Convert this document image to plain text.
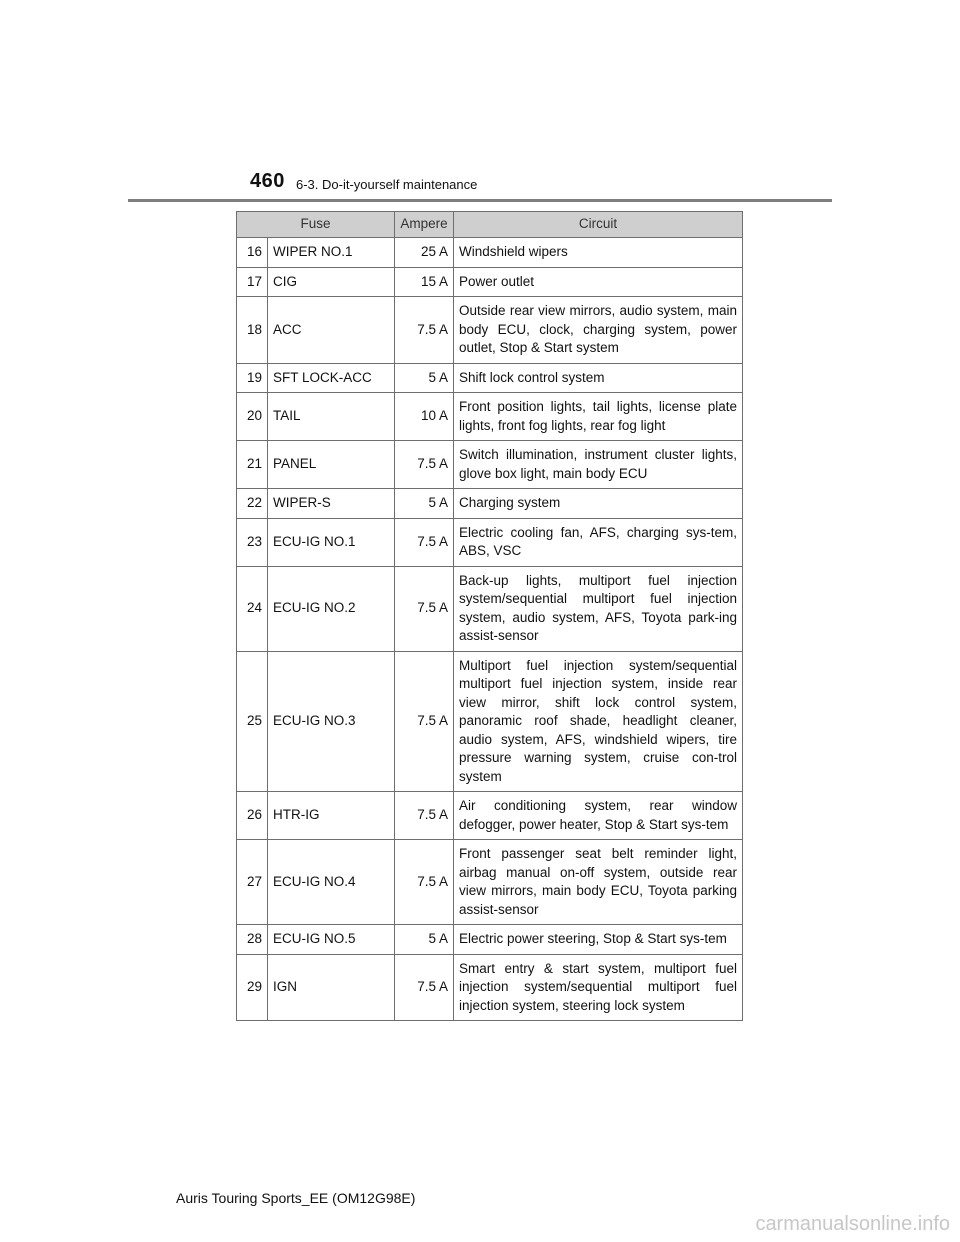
460 6-3. Do-it-yourself maintenance
Fuse		Ampere	Circuit
16	WIPER NO.1	25 A	Windshield wipers
17	CIG	15 A	Power outlet
18	ACC	7.5 A	Outside rear view mirrors, audio system, main body ECU, clock, charging system, power outlet, Stop & Start system
19	SFT LOCK-ACC	5 A	Shift lock control system
20	TAIL	10 A	Front position lights, tail lights, license plate lights, front fog lights, rear fog light
21	PANEL	7.5 A	Switch illumination, instrument cluster lights, glove box light, main body ECU
22	WIPER-S	5 A	Charging system
23	ECU-IG NO.1	7.5 A	Electric cooling fan, AFS, charging sys-tem, ABS, VSC
24	ECU-IG NO.2	7.5 A	Back-up lights, multiport fuel injection system/sequential multiport fuel injection system, audio system, AFS, Toyota park-ing assist-sensor
25	ECU-IG NO.3	7.5 A	Multiport fuel injection system/sequential multiport fuel injection system, inside rear view mirror, shift lock control system, panoramic roof shade, headlight cleaner, audio system, AFS, windshield wipers, tire pressure warning system, cruise con-trol system
26	HTR-IG	7.5 A	Air conditioning system, rear window defogger, power heater, Stop & Start sys-tem
27	ECU-IG NO.4	7.5 A	Front passenger seat belt reminder light, airbag manual on-off system, outside rear view mirrors, main body ECU, Toyota parking assist-sensor
28	ECU-IG NO.5	5 A	Electric power steering, Stop & Start sys-tem
29	IGN	7.5 A	Smart entry & start system, multiport fuel injection system/sequential multiport fuel injection system, steering lock system
Auris Touring Sports_EE (OM12G98E)
carmanualsonline.info
